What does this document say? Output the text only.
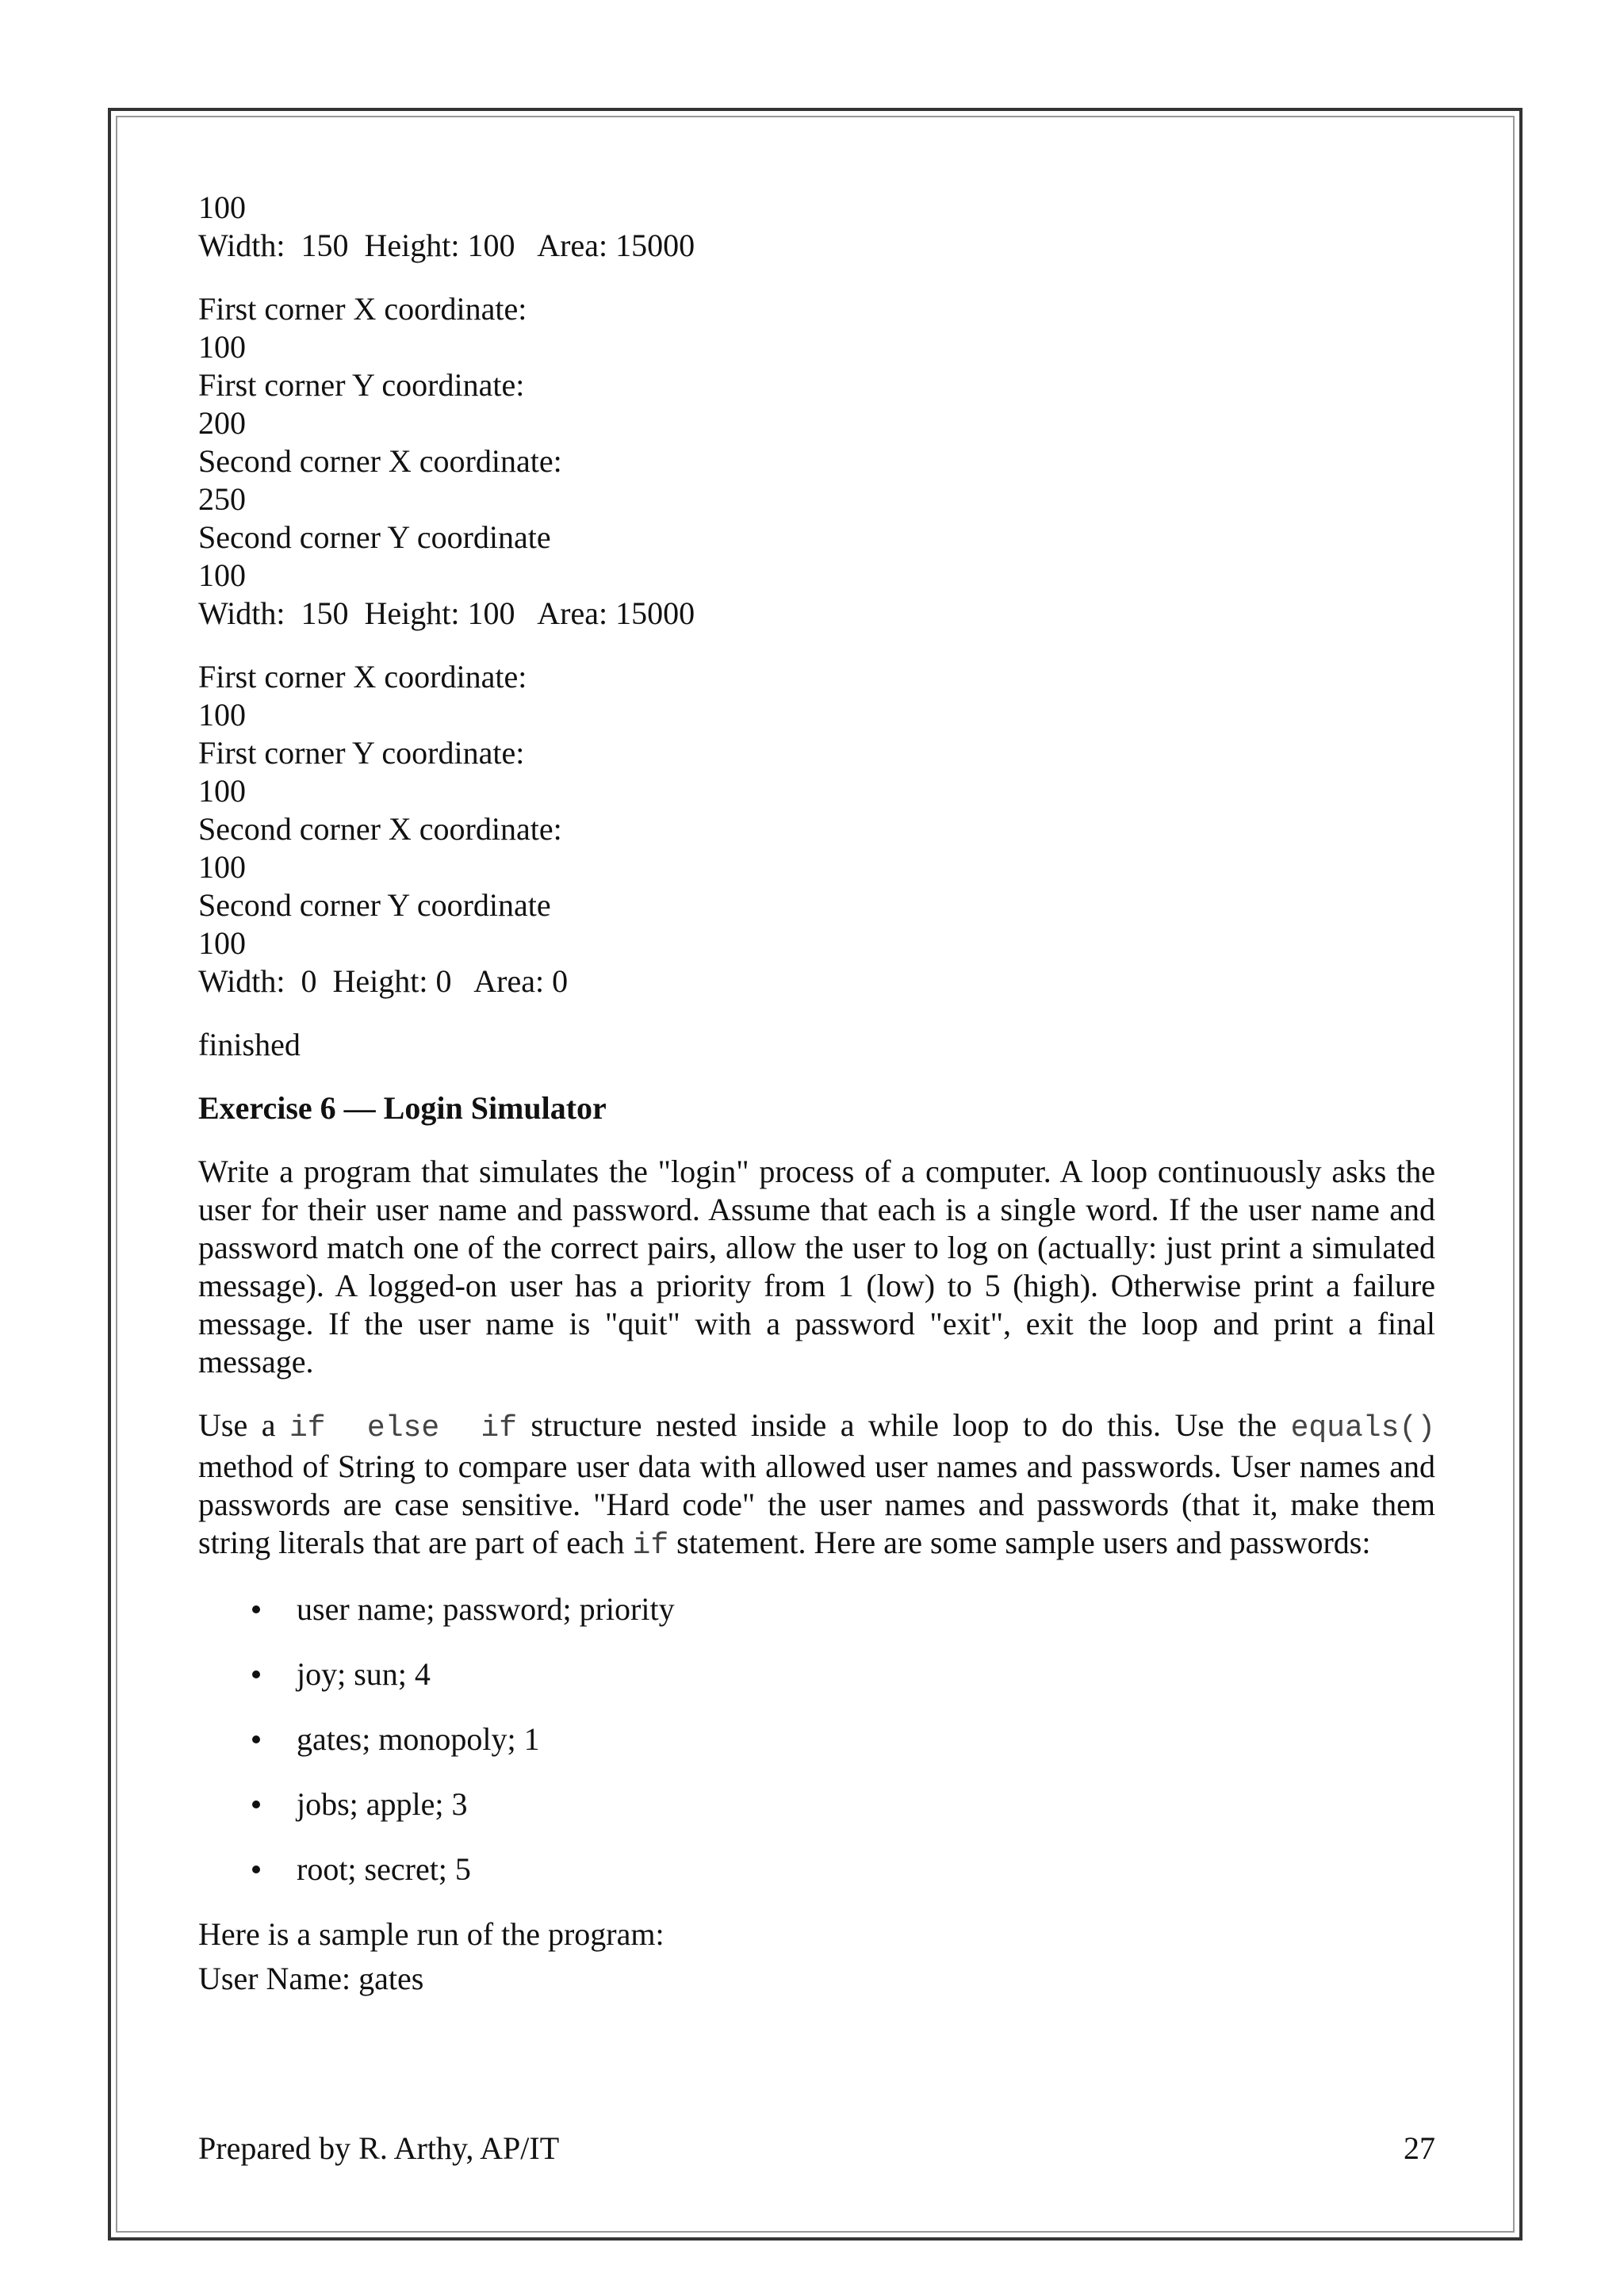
100

Width:  150  Height: 100   Area: 15000

First corner X coordinate:

100

First corner Y coordinate:

200

Second corner X coordinate:

250

Second corner Y coordinate

100

Width:  150  Height: 100   Area: 15000

First corner X coordinate:

100

First corner Y coordinate:

100

Second corner X coordinate:

100

Second corner Y coordinate

100

Width:  0  Height: 0   Area: 0

finished

Exercise 6 — Login Simulator

Write a program that simulates the "login" process of a computer. A loop continuously asks the user for their user name and password. Assume that each is a single word. If the user name and password match one of the correct pairs, allow the user to log on (actually: just print a simulated message). A logged-on user has a priority from 1 (low) to 5 (high). Otherwise print a failure message. If the user name is "quit" with a password "exit", exit the loop and print a final message.

Use a if else if structure nested inside a while loop to do this. Use the equals() method of String to compare user data with allowed user names and passwords. User names and passwords are case sensitive. "Hard code" the user names and passwords (that it, make them string literals that are part of each if statement. Here are some sample users and passwords:

user name; password; priority
joy; sun; 4
gates; monopoly; 1
jobs; apple; 3
root; secret; 5

Here is a sample run of the program:

User Name: gates

Prepared by R. Arthy, AP/IT	27
